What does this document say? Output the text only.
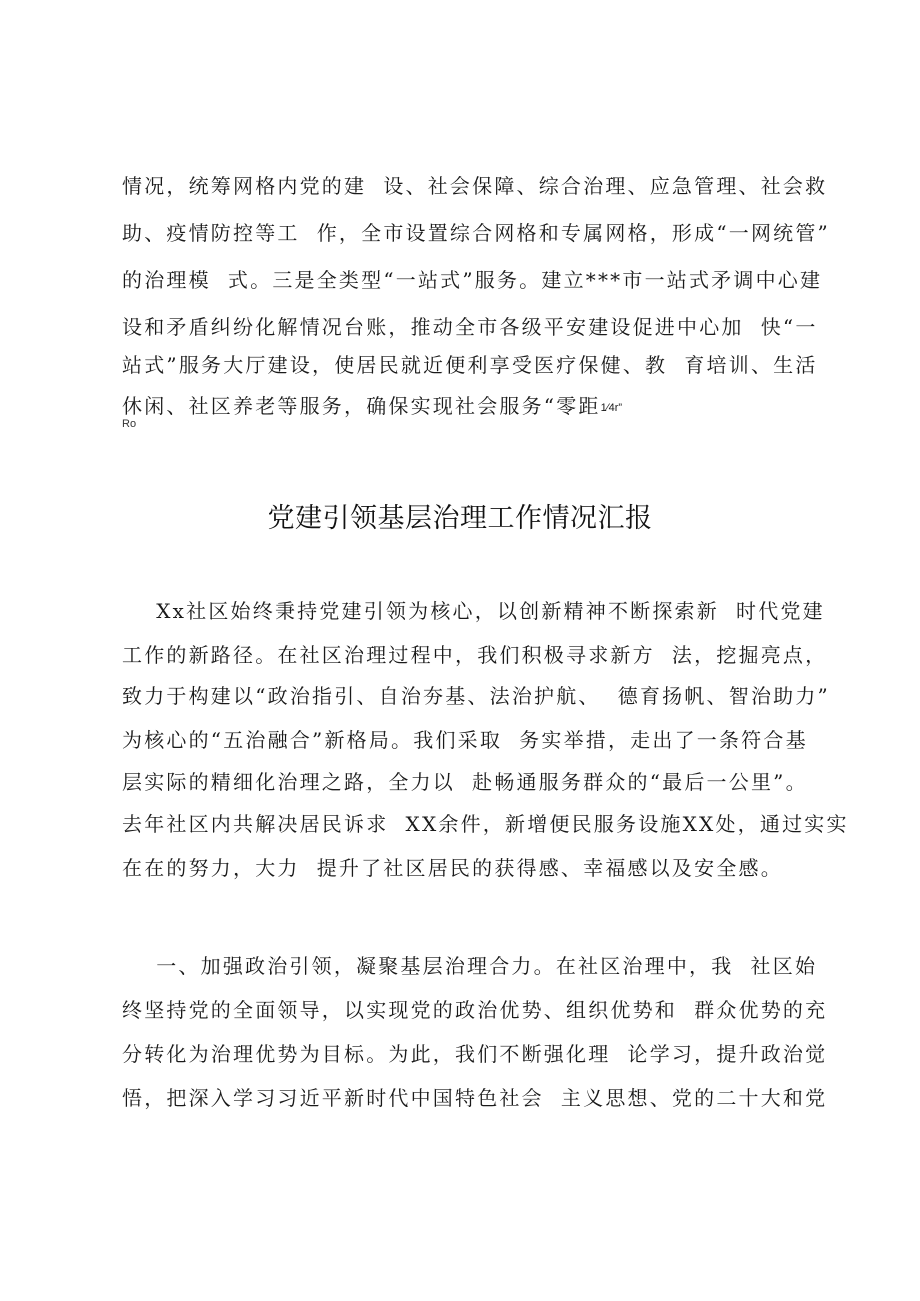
情况，统筹网格内党的建  设、社会保障、综合治理、应急管理、社会救
助、疫情防控等工  作，全市设置综合网格和专属网格，形成“一网统管”
的治理模  式。三是全类型“一站式”服务。建立***市一站式矛调中心建
设和矛盾纠纷化解情况台账，推动全市各级平安建设促进中心加  快“一
站式”服务大厅建设，使居民就近便利享受医疗保健、教  育培训、生活
休闲、社区养老等服务，确保实现社会服务“零距1⁄4r”
Ro
党建引领基层治理工作情况汇报
Xx社区始终秉持党建引领为核心，以创新精神不断探索新  时代党建
工作的新路径。在社区治理过程中，我们积极寻求新方  法，挖掘亮点，
致力于构建以“政治指引、自治夯基、法治护航、  德育扬帆、智治助力”
为核心的“五治融合”新格局。我们采取  务实举措，走出了一条符合基
层实际的精细化治理之路，全力以  赴畅通服务群众的“最后一公里”。
去年社区内共解决居民诉求  XX余件，新增便民服务设施XX处，通过实实
在在的努力，大力  提升了社区居民的获得感、幸福感以及安全感。
一、加强政治引领，凝聚基层治理合力。在社区治理中，我  社区始
终坚持党的全面领导，以实现党的政治优势、组织优势和  群众优势的充
分转化为治理优势为目标。为此，我们不断强化理  论学习，提升政治觉
悟，把深入学习习近平新时代中国特色社会  主义思想、党的二十大和党
